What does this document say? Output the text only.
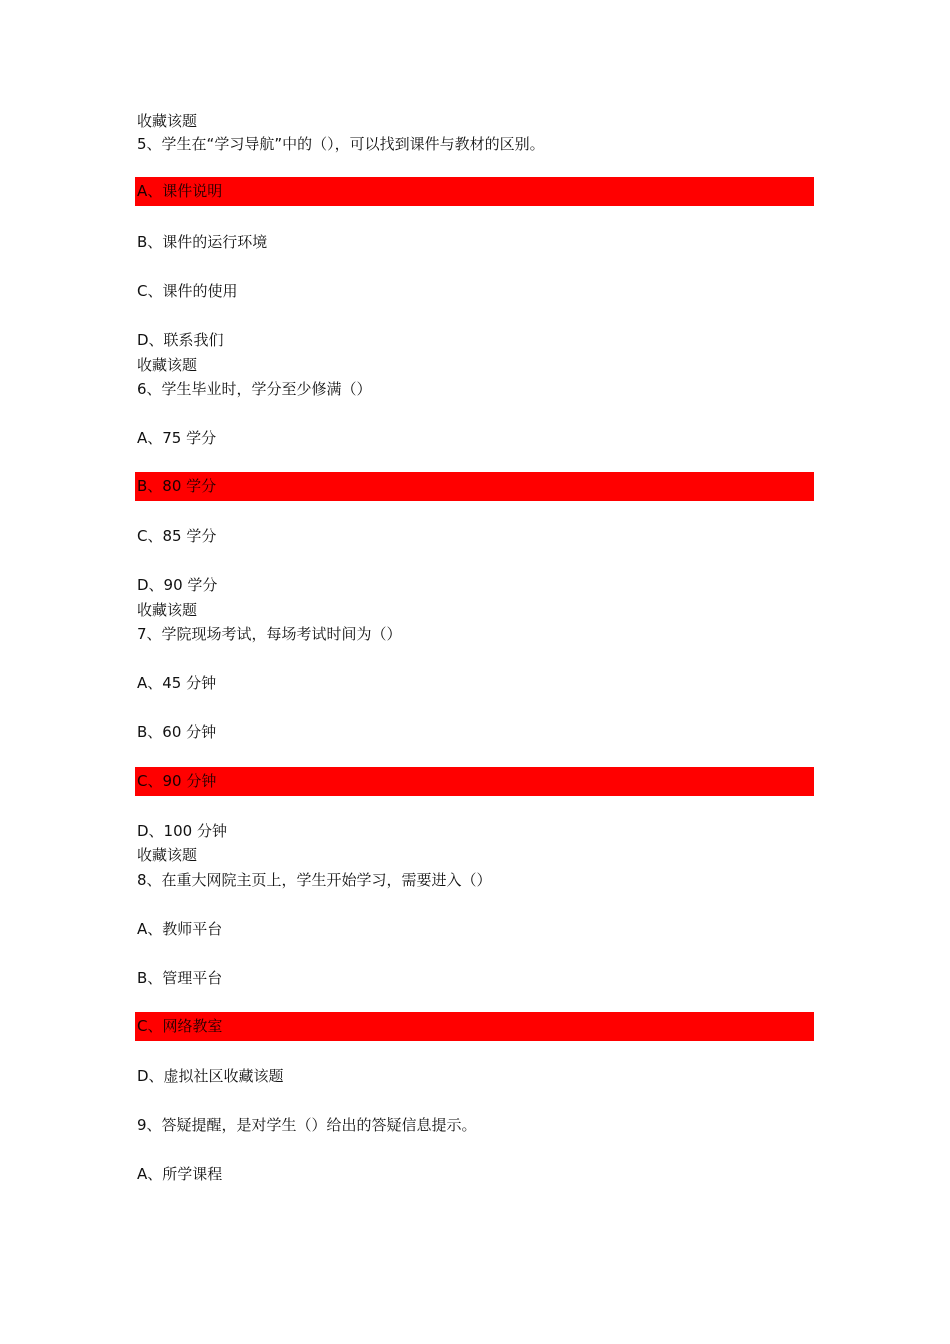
收藏该题
5、学生在“学习导航”中的（），可以找到课件与教材的区别。
A、课件说明
B、课件的运行环境
C、课件的使用
D、联系我们
收藏该题
6、学生毕业时，学分至少修满（）
A、75 学分
B、80 学分
C、85 学分
D、90 学分
收藏该题
7、学院现场考试，每场考试时间为（）
A、45 分钟
B、60 分钟
C、90 分钟
D、100 分钟
收藏该题
8、在重大网院主页上，学生开始学习，需要进入（）
A、教师平台
B、管理平台
C、网络教室
D、虚拟社区收藏该题
9、答疑提醒，是对学生（）给出的答疑信息提示。
A、所学课程
